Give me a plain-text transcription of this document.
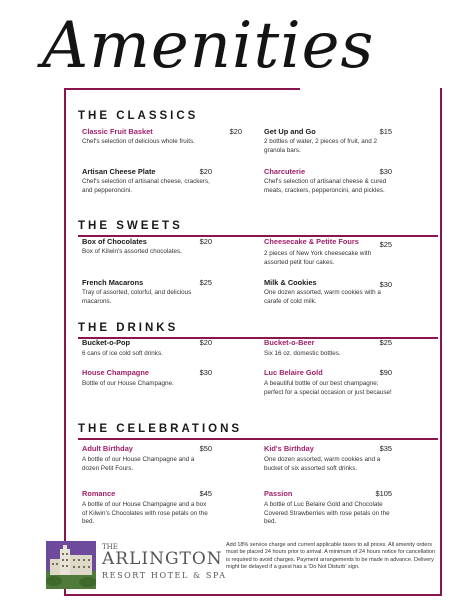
Amenities
THE CLASSICS
Classic Fruit Basket	$20
Chef's selection of delicious whole fruits.
Get Up and Go	$15
2 bottles of water, 2 pieces of fruit, and 2 granola bars.
Artisan Cheese Plate	$20
Chef's selection of artisanal cheese, crackers, and pepperoncini.
Charcuterie	$30
Chef's selection of artisanal cheese & cured meats, crackers, pepperoncini, and pickles.
THE SWEETS
Box of Chocolates	$20
Box of Kilwin's assorted chocolates.
Cheesecake & Petite Fours	$25
2 pieces of New York cheesecake with assorted petit four cakes.
French Macarons	$25
Tray of assorted, colorful, and delicious macarons.
Milk & Cookies	$30
One dozen assorted, warm cookies with a carafe of cold milk.
THE DRINKS
Bucket-o-Pop	$20
6 cans of ice cold soft drinks.
Bucket-o-Beer	$25
Six 16 oz. domestic bottles.
House Champagne	$30
Bottle of our House Champagne.
Luc Belaire Gold	$90
A beautiful bottle of our best champagne; perfect for a special occasion or just because!
THE CELEBRATIONS
Adult Birthday	$50
A bottle of our House Champagne and a dozen Petit Fours.
Kid's Birthday	$35
One dozen assorted, warm cookies and a bucket of six assorted soft drinks.
Romance	$45
A bottle of our House Champagne and a box of Kilwin's Chocolates with rose petals on the bed.
Passion	$105
A bottle of Luc Belaire Gold and Chocolate Covered Strawberries with rose petals on the bed.
THE
ARLINGTON
RESORT HOTEL & SPA
Add 18% service charge and current applicable taxes to all prices. All amenity orders must be placed 24 hours prior to arrival. A minimum of 24 hours notice for cancellation is required to avoid charges. Payment arrangements to be made in advance. Delivery might be delayed if a guest has a 'Do Not Disturb' sign.
